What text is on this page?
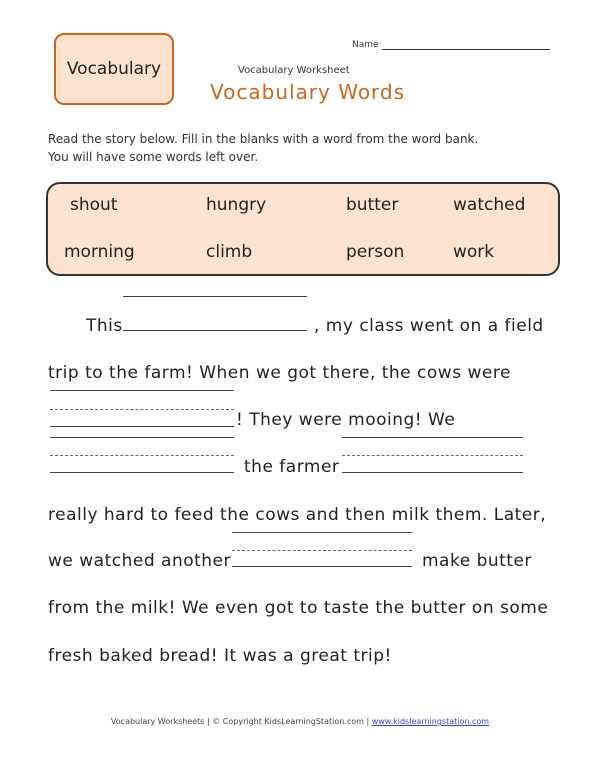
Vocabulary
Name
Vocabulary Worksheet
Vocabulary Words
Read the story below. Fill in the blanks with a word from the word bank.
You will have some words left over.
shout	hungry	butter	watched
morning	climb	person	work
This	, my class went on a field
trip to the farm! When we got there, the cows were
! They were mooing! We
the farmer
really hard to feed the cows and then milk them. Later,
we watched another	make butter
from the milk! We even got to taste the butter on some
fresh baked bread! It was a great trip!
Vocabulary Worksheets | © Copyright KidsLearningStation.com | www.kidslearningstation.com
